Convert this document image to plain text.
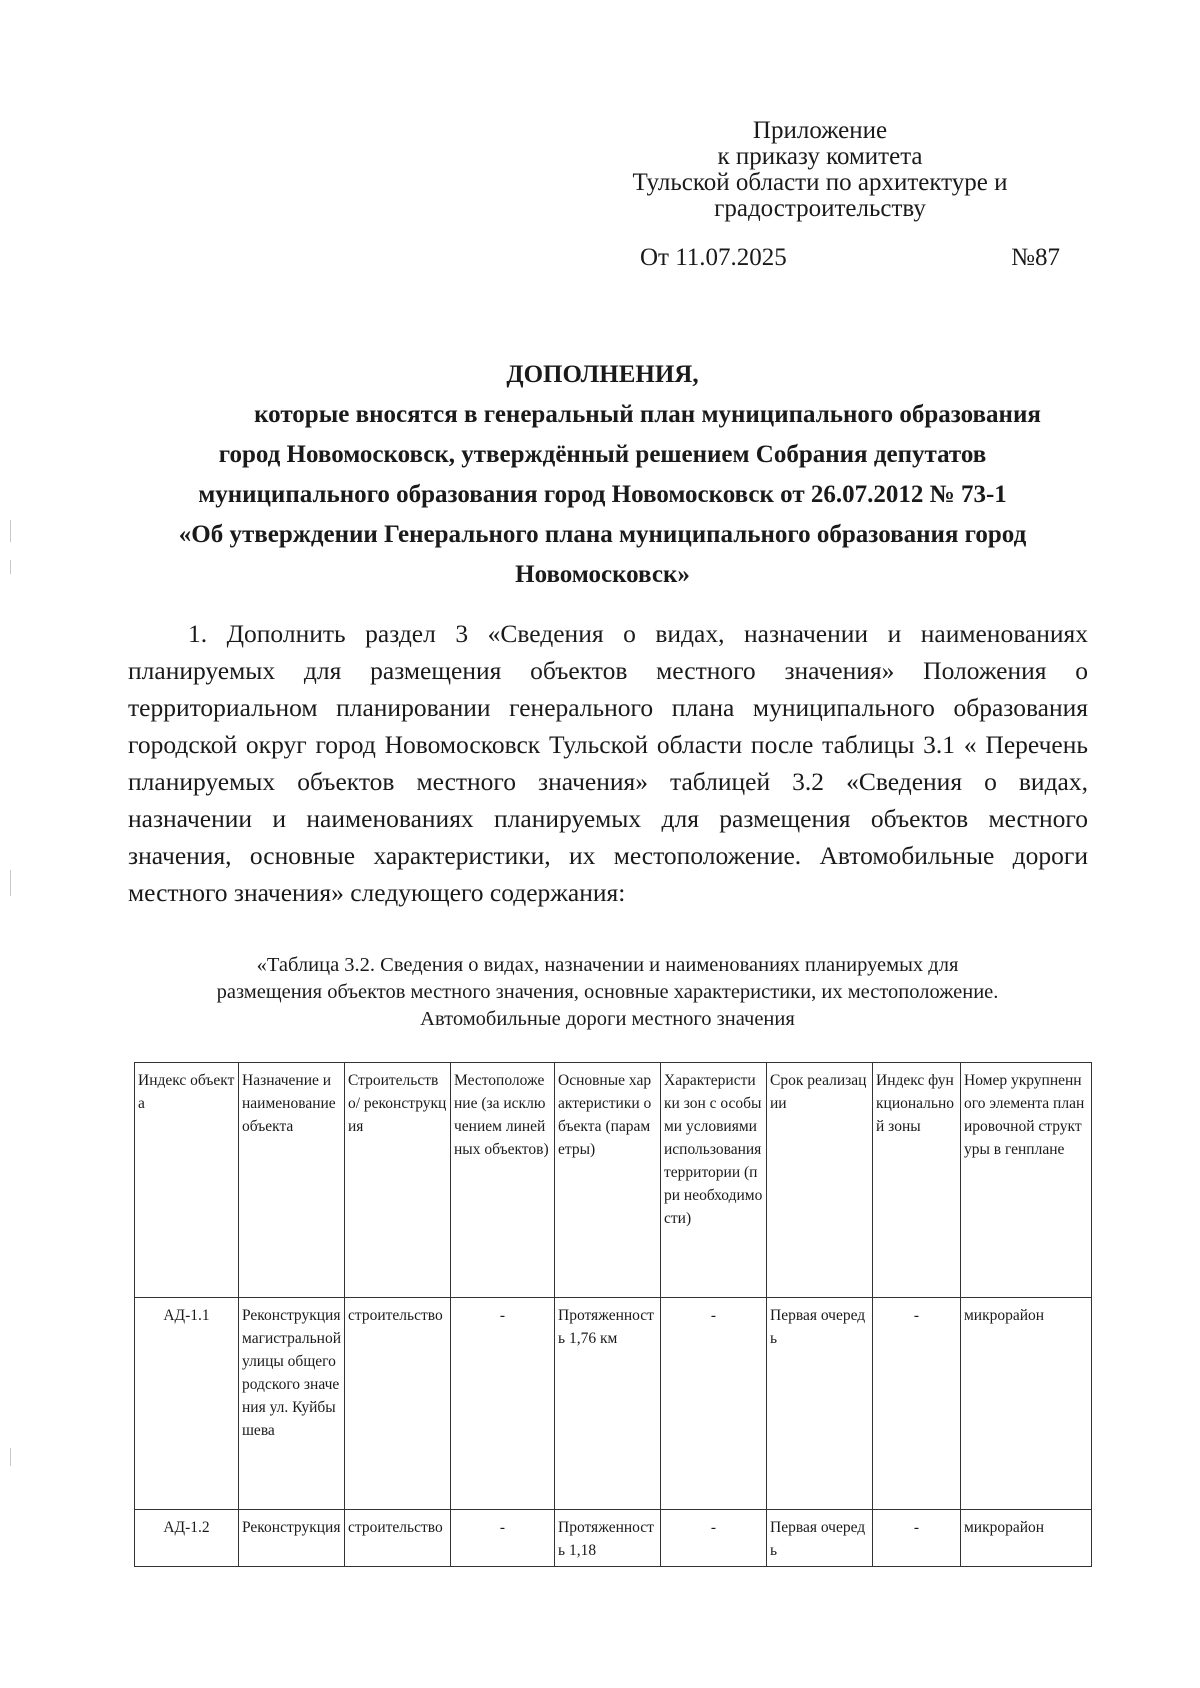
Приложение
к приказу комитета
Тульской области по архитектуре и
градостроительству
От 11.07.2025	№87
ДОПОЛНЕНИЯ,
которые вносятся в генеральный план муниципального образования
город Новомосковск, утверждённый решением Собрания депутатов
муниципального образования город Новомосковск от 26.07.2012 № 73-1
«Об утверждении Генерального плана муниципального образования город
Новомосковск»
1. Дополнить раздел 3 «Сведения о видах, назначении и наименованиях планируемых для размещения объектов местного значения» Положения о территориальном планировании генерального плана муниципального образования городской округ город Новомосковск Тульской области после таблицы 3.1 « Перечень планируемых объектов местного значения» таблицей 3.2 «Сведения о видах, назначении и наименованиях планируемых для размещения объектов местного значения, основные характеристики, их местоположение. Автомобильные дороги местного значения» следующего содержания:
«Таблица 3.2. Сведения о видах, назначении и наименованиях планируемых для
размещения объектов местного значения, основные характеристики, их местоположение.
Автомобильные дороги местного значения
Индекс объекта	Назначение и наименование объекта	Строительство/ реконструкция	Местоположение (за исключением линейных объектов)	Основные характеристики объекта (параметры)	Характеристики зон с особыми условиями использования территории (при необходимости)	Срок реализации	Индекс функциональной зоны	Номер укрупненного элемента планировочной структуры в генплане
АД-1.1	Реконструкция магистральной улицы общегородского значения ул. Куйбышева	строительство	-	Протяженность 1,76 км	-	Первая очередь	-	микрорайон
АД-1.2	Реконструкция	строительство	-	Протяженность 1,18	-	Первая очередь	-	микрорайон
